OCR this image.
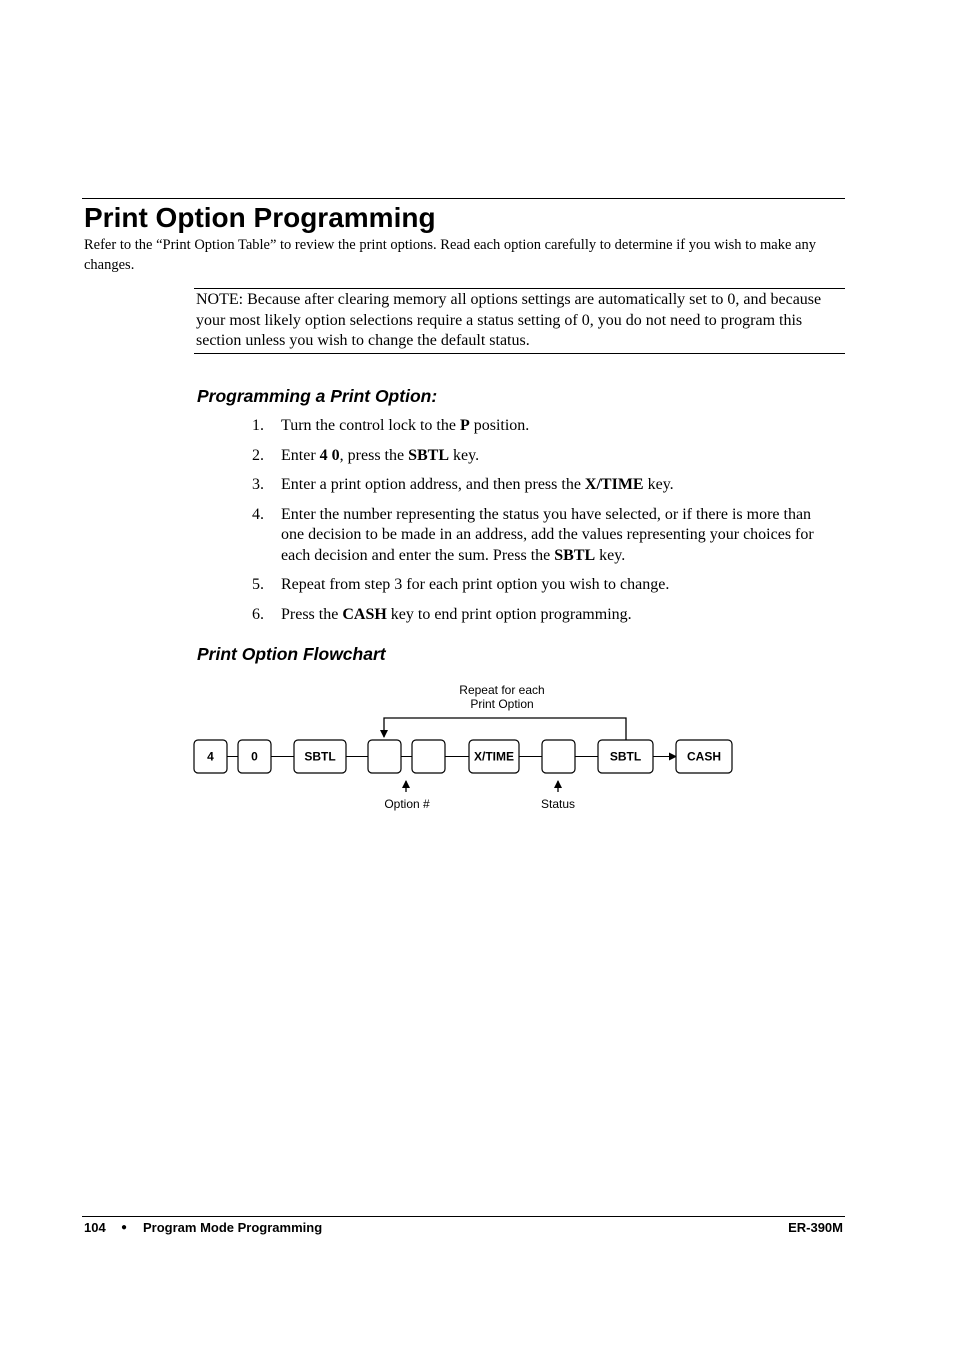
Print Option Programming
Refer to the “Print Option Table” to review the print options. Read each option carefully to determine if you wish to make any changes.
NOTE: Because after clearing memory all options settings are automatically set to 0, and because your most likely option selections require a status setting of 0, you do not need to program this section unless you wish to change the default status.
Programming a Print Option:
1. Turn the control lock to the P position.
2. Enter 4 0, press the SBTL key.
3. Enter a print option address, and then press the X/TIME key.
4. Enter the number representing the status you have selected, or if there is more than one decision to be made in an address, add the values representing your choices for each decision and enter the sum. Press the SBTL key.
5. Repeat from step 3 for each print option you wish to change.
6. Press the CASH key to end print option programming.
Print Option Flowchart
Repeat for each
Print Option
4	0	SBTL	X/TIME	SBTL	CASH
Option #	Status
104 ● Program Mode Programming	ER-390M
